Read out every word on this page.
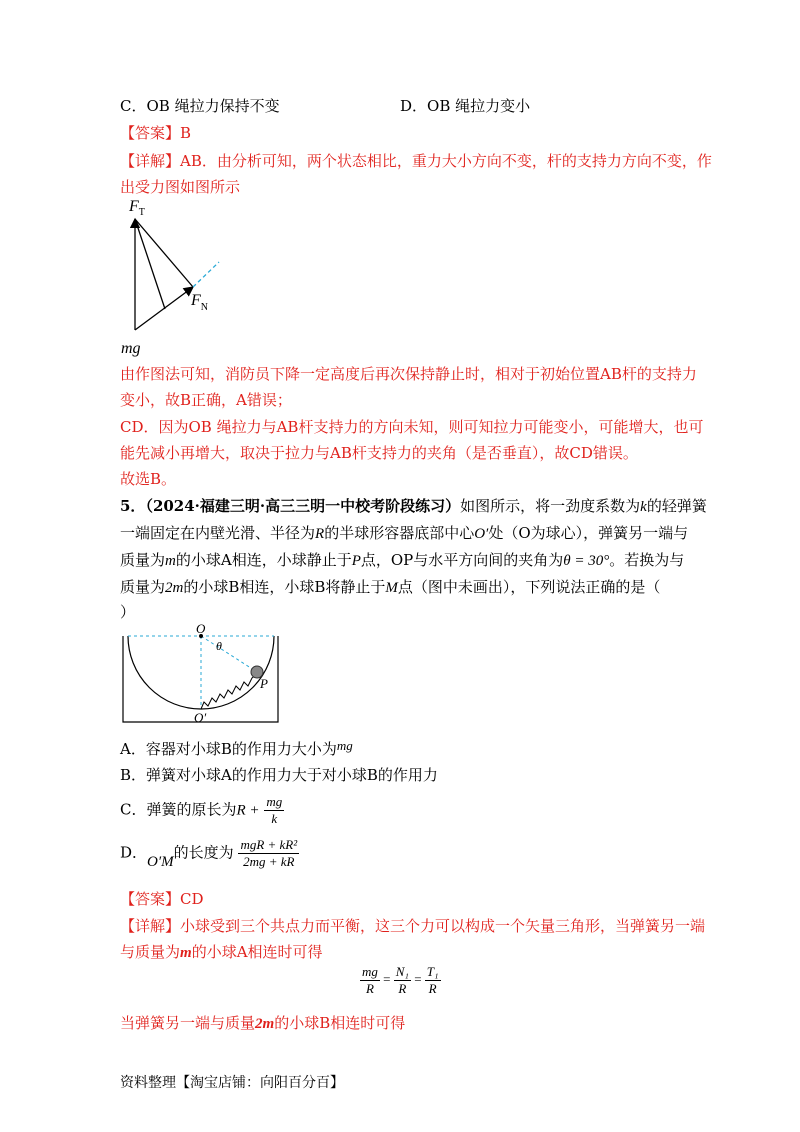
C．OB 绳拉力保持不变	D．OB 绳拉力变小
【答案】B
【详解】AB．由分析可知，两个状态相比，重力大小方向不变，杆的支持力方向不变，作
出受力图如图所示
$F_T$
$F_N$
mg
由作图法可知，消防员下降一定高度后再次保持静止时，相对于初始位置AB杆的支持力
变小，故B正确，A错误；
CD．因为OB 绳拉力与AB杆支持力的方向未知，则可知拉力可能变小，可能增大，也可
能先减小再增大，取决于拉力与AB杆支持力的夹角（是否垂直），故CD错误。
故选B。
5．（2024·福建三明·高三三明一中校考阶段练习）如图所示，将一劲度系数为k的轻弹簧
一端固定在内壁光滑、半径为R的半球形容器底部中心O′处（O为球心），弹簧另一端与
质量为m的小球A相连，小球静止于P点，OP与水平方向间的夹角为θ = 30°。若换为与
质量为2m的小球B相连，小球B将静止于M点（图中未画出），下列说法正确的是（
）
O
θ
P
O′
A．容器对小球B的作用力大小为mg
B．弹簧对小球A的作用力大于对小球B的作用力
C．弹簧的原长为$R + \frac{mg}{k}$
D．O′M的长度为 $\frac{\text{mgR + kR²}}{2mg + kR}$
【答案】CD
【详解】小球受到三个共点力而平衡，这三个力可以构成一个矢量三角形，当弹簧另一端
与质量为m的小球A相连时可得
$\frac{mg}{R} = \frac{\text{N₁}}{R} = \frac{\text{T₁}}{R}$
当弹簧另一端与质量2m的小球B相连时可得
资料整理【淘宝店铺：向阳百分百】
